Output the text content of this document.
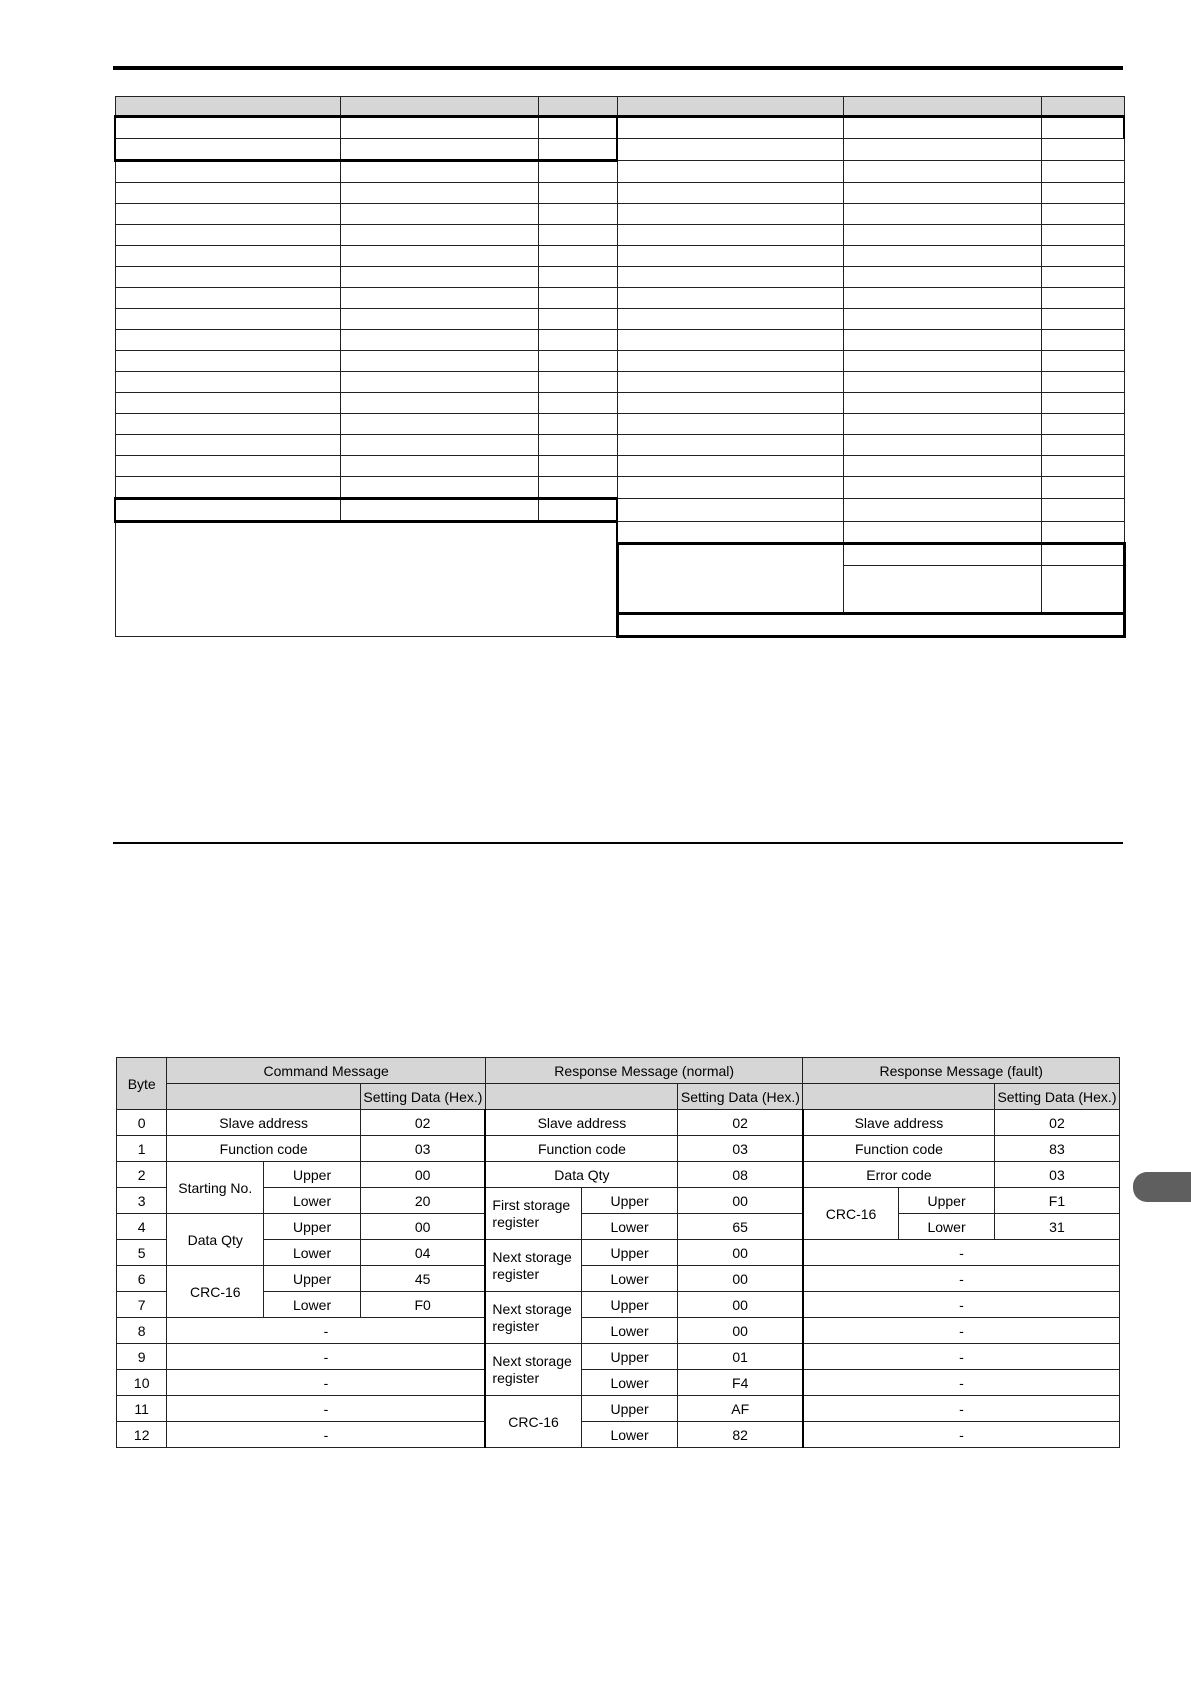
Byte	Command Message			Response Message (normal)			Response Message (fault)		
			Setting Data (Hex.)			Setting Data (Hex.)			Setting Data (Hex.)
0	Slave address		02	Slave address		02	Slave address		02
1	Function code		03	Function code		03	Function code		83
2	Starting No.	Upper	00	Data Qty		08	Error code		03
3		Lower	20	First storage register	Upper	00	CRC-16	Upper	F1
4	Data Qty	Upper	00		Lower	65		Lower	31
5		Lower	04	Next storage register	Upper	00	-		
6	CRC-16	Upper	45		Lower	00	-		
7		Lower	F0	Next storage register	Upper	00	-		
8	-				Lower	00	-		
9	-			Next storage register	Upper	01	-		
10	-				Lower	F4	-		
11	-			CRC-16	Upper	AF	-		
12	-				Lower	82	-		
